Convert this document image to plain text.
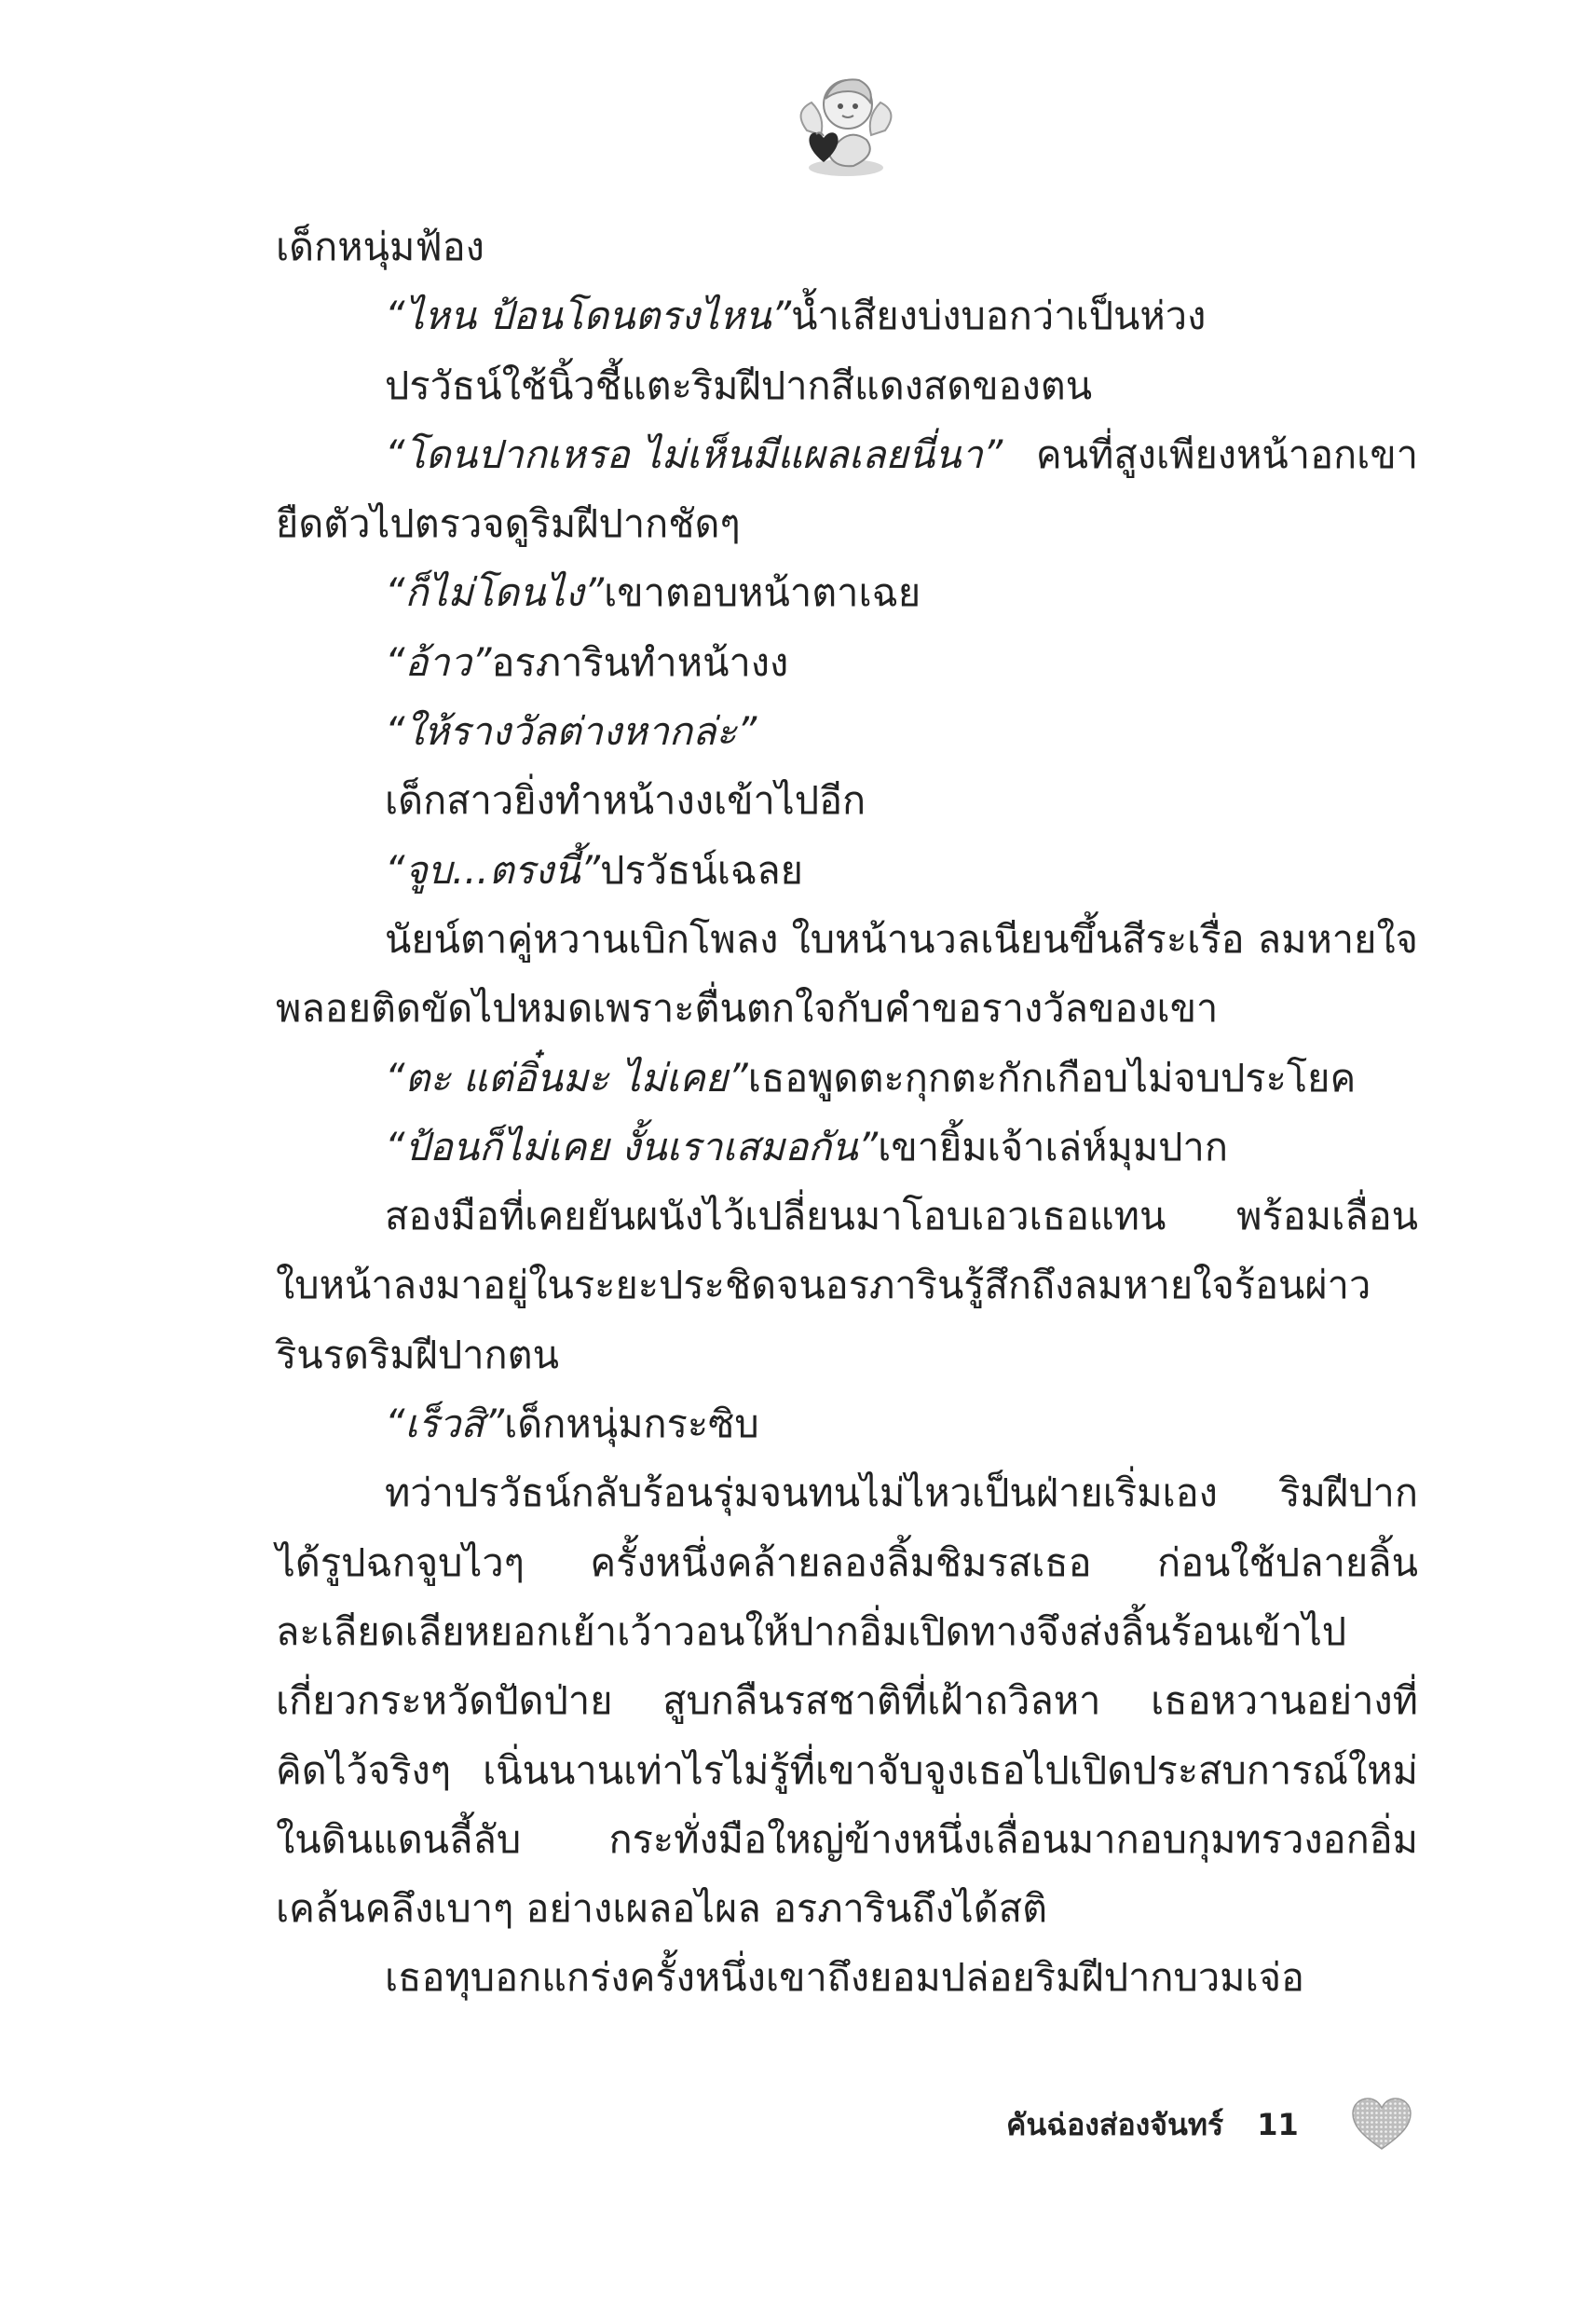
เด็กหนุ่มฟ้อง
“ไหน ป้อนโดนตรงไหน” น้ำเสียงบ่งบอกว่าเป็นห่วง
ปรวัธน์ใช้นิ้วชี้แตะริมฝีปากสีแดงสดของตน
“โดนปากเหรอ ไม่เห็นมีแผลเลยนี่นา” คนที่สูงเพียงหน้าอกเขา
ยืดตัวไปตรวจดูริมฝีปากชัดๆ
“ก็ไม่โดนไง” เขาตอบหน้าตาเฉย
“อ้าว” อรภารินทำหน้างง
“ให้รางวัลต่างหากล่ะ”
เด็กสาวยิ่งทำหน้างงเข้าไปอีก
“จูบ...ตรงนี้” ปรวัธน์เฉลย
นัยน์ตาคู่หวานเบิกโพลง ใบหน้านวลเนียนขึ้นสีระเรื่อ ลมหายใจ
พลอยติดขัดไปหมดเพราะตื่นตกใจกับคำขอรางวัลของเขา
“ตะ แต่อิ๋นมะ ไม่เคย” เธอพูดตะกุกตะกักเกือบไม่จบประโยค
“ป้อนก็ไม่เคย งั้นเราเสมอกัน” เขายิ้มเจ้าเล่ห์มุมปาก
สองมือที่เคยยันผนังไว้เปลี่ยนมาโอบเอวเธอแทน พร้อมเลื่อน
ใบหน้าลงมาอยู่ในระยะประชิดจนอรภารินรู้สึกถึงลมหายใจร้อนผ่าว
รินรดริมฝีปากตน
“เร็วสิ” เด็กหนุ่มกระซิบ
ทว่าปรวัธน์กลับร้อนรุ่มจนทนไม่ไหวเป็นฝ่ายเริ่มเอง ริมฝีปาก
ได้รูปฉกจูบไวๆ ครั้งหนึ่งคล้ายลองลิ้มชิมรสเธอ ก่อนใช้ปลายลิ้น
ละเลียดเลียหยอกเย้าเว้าวอนให้ปากอิ่มเปิดทางจึงส่งลิ้นร้อนเข้าไป
เกี่ยวกระหวัดปัดป่าย สูบกลืนรสชาติที่เฝ้าถวิลหา เธอหวานอย่างที่
คิดไว้จริงๆ เนิ่นนานเท่าไรไม่รู้ที่เขาจับจูงเธอไปเปิดประสบการณ์ใหม่
ในดินแดนลี้ลับ กระทั่งมือใหญ่ข้างหนึ่งเลื่อนมากอบกุมทรวงอกอิ่ม
เคล้นคลึงเบาๆ อย่างเผลอไผล อรภารินถึงได้สติ
เธอทุบอกแกร่งครั้งหนึ่งเขาถึงยอมปล่อยริมฝีปากบวมเจ่อ
คันฉ่องส่องจันทร์ 11
